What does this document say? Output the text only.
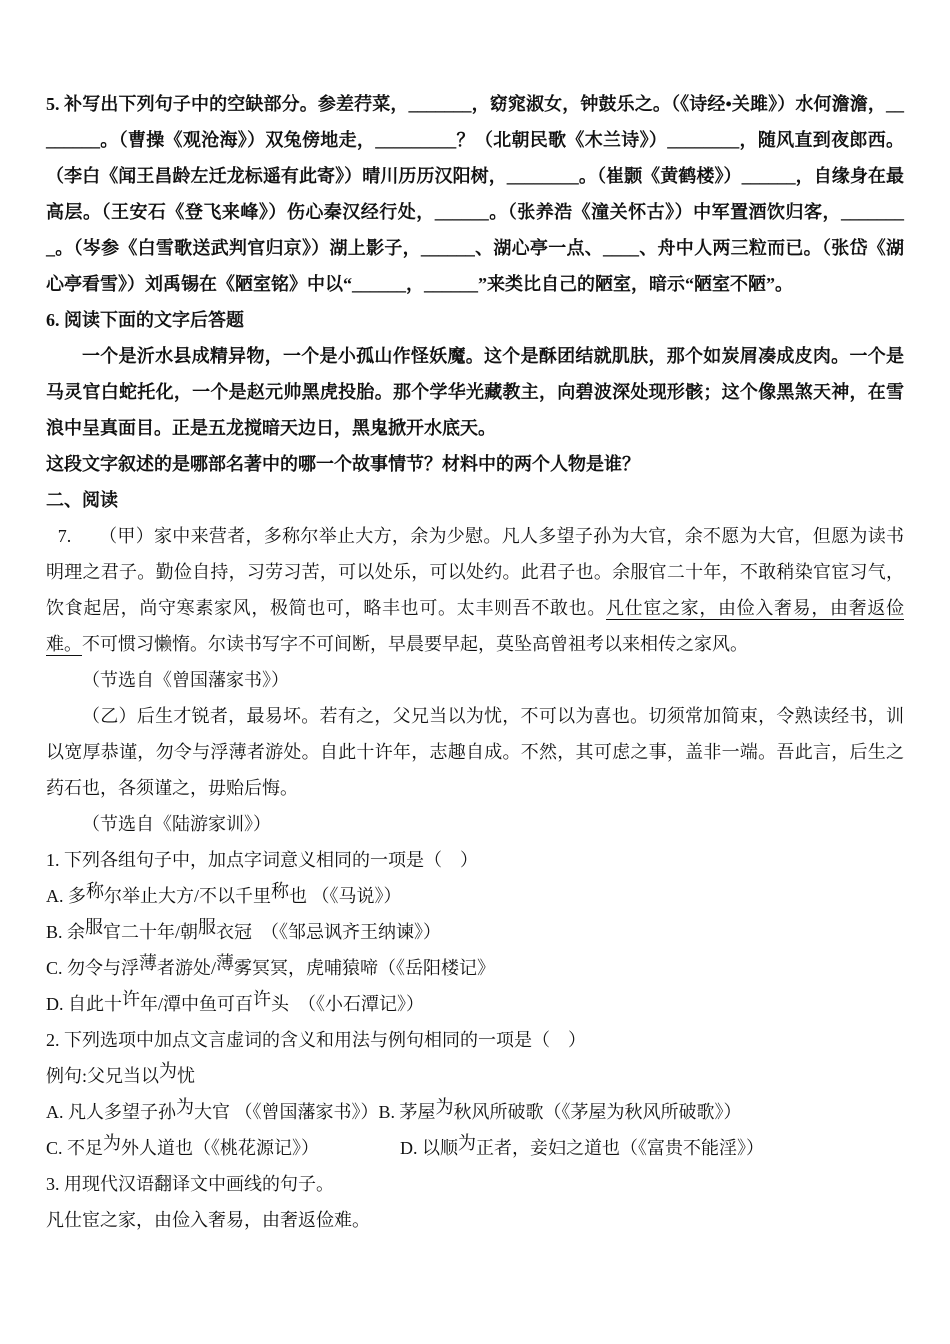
5. 补写出下列句子中的空缺部分。参差荇菜，_______，窈窕淑女，钟鼓乐之。（《诗经•关雎》）水何澹澹，________。（曹操《观沧海》）双兔傍地走，_________？（北朝民歌《木兰诗》）________，随风直到夜郎西。（李白《闻王昌龄左迁龙标遥有此寄》）晴川历历汉阳树，________。（崔颢《黄鹤楼》）______，自缘身在最高层。（王安石《登飞来峰》）伤心秦汉经行处，______。（张养浩《潼关怀古》）中军置酒饮归客，________。（岑参《白雪歌送武判官归京》）湖上影子，______、湖心亭一点、____、舟中人两三粒而已。（张岱《湖心亭看雪》）刘禹锡在《陋室铭》中以“______，______”来类比自己的陋室，暗示“陋室不陋”。

6. 阅读下面的文字后答题

一个是沂水县成精异物，一个是小孤山作怪妖魔。这个是酥团结就肌肤，那个如炭屑凑成皮肉。一个是马灵官白蛇托化，一个是赵元帅黑虎投胎。那个学华光藏教主，向碧波深处现形骸；这个像黑煞天神，在雪浪中呈真面目。正是五龙搅暗天边日，黑鬼掀开水底天。

这段文字叙述的是哪部名著中的哪一个故事情节？材料中的两个人物是谁？

二、阅读

7.　　（甲）家中来营者，多称尔举止大方，余为少慰。凡人多望子孙为大官，余不愿为大官，但愿为读书明理之君子。勤俭自持，习劳习苦，可以处乐，可以处约。此君子也。余服官二十年，不敢稍染官宦习气，饮食起居，尚守寒素家风，极简也可，略丰也可。太丰则吾不敢也。凡仕宦之家，由俭入奢易，由奢返俭难。不可惯习懒惰。尔读书写字不可间断，早晨要早起，莫坠高曾祖考以来相传之家风。

（节选自《曾国藩家书》）

（乙）后生才锐者，最易坏。若有之，父兄当以为忧，不可以为喜也。切须常加简束，令熟读经书，训以宽厚恭谨，勿令与浮薄者游处。自此十许年，志趣自成。不然，其可虑之事，盖非一端。吾此言，后生之药石也，各须谨之，毋贻后悔。

（节选自《陆游家训》）

1. 下列各组句子中，加点字词意义相同的一项是（　）

A. 多称尔举止大方/不以千里称也 （《马说》）

B. 余服官二十年/朝服衣冠　（《邹忌讽齐王纳谏》）

C. 勿令与浮薄者游处/薄雾冥冥，虎哺猿啼（《岳阳楼记》

D. 自此十许年/潭中鱼可百许头　（《小石潭记》）

2. 下列选项中加点文言虚词的含义和用法与例句相同的一项是（　）

例句:父兄当以为忧

A. 凡人多望子孙为大官 （《曾国藩家书》）B. 茅屋为秋风所破歌（《茅屋为秋风所破歌》）

C. 不足为外人道也（《桃花源记》）　　　　　D. 以顺为正者，妾妇之道也（《富贵不能淫》）

3. 用现代汉语翻译文中画线的句子。

凡仕宦之家，由俭入奢易，由奢返俭难。
